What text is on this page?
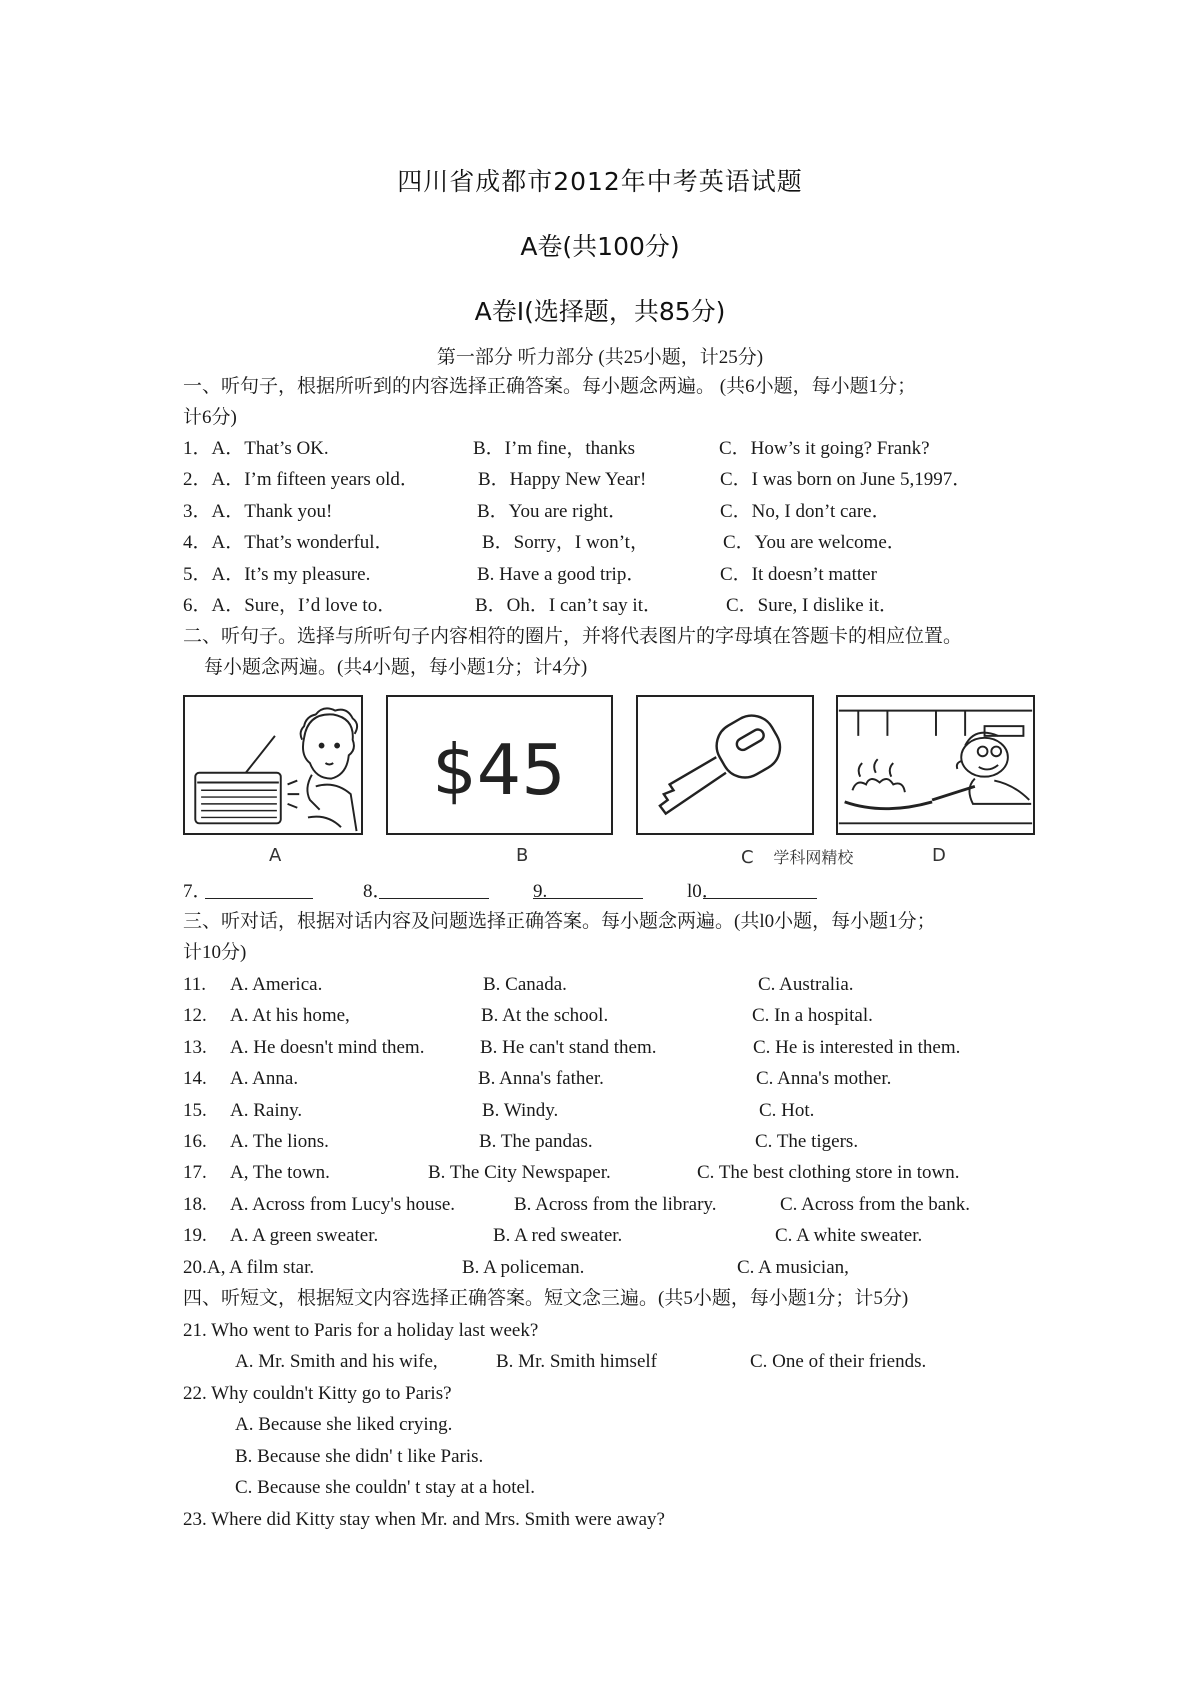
四川省成都市2012年中考英语试题
A卷(共100分)
A卷Ⅰ(选择题，共85分)
第一部分 听力部分 (共25小题，计25分)
一、听句子，根据所听到的内容选择正确答案。每小题念两遍。 (共6小题，每小题1分；
计6分)
1．A．That’s OK.	B．I’m fine，thanks	C．How’s it going? Frank?
2．A．I’m fifteen years old．	B．Happy New Year!	C．I was born on June 5,1997．
3．A．Thank you!	B．You are right．	C．No, I don’t care．
4．A．That’s wonderful．	B．Sorry，I won’t，	C．You are welcome．
5．A．It’s my pleasure.	B. Have a good trip．	C．It doesn’t matter
6．A．Sure，I’d love to．	B．Oh．I can’t say it．	C．Sure, I dislike it．
二、听句子。选择与所听句子内容相符的圈片，并将代表图片的字母填在答题卡的相应位置。
每小题念两遍。(共4小题，每小题1分；计4分)
A
$45
B	C 学科网精校	D
7．	8．	9.	l0．
三、听对话，根据对话内容及问题选择正确答案。每小题念两遍。(共l0小题，每小题1分；
计10分)
11. A. America.	B. Canada.	C. Australia.
12. A. At his home,	B. At the school.	C. In a hospital.
13. A. He doesn't mind them.	B. He can't stand them.	C. He is interested in them.
14. A. Anna.	B. Anna's father.	C. Anna's mother.
15. A. Rainy.	B. Windy.	C. Hot.
16. A. The lions.	B. The pandas.	C. The tigers.
17. A, The town.	B. The City Newspaper.	C. The best clothing store in town.
18. A. Across from Lucy's house.	B. Across from the library.	C. Across from the bank.
19. A. A green sweater.	B. A red sweater.	C. A white sweater.
20. A, A film star.	B. A policeman.	C. A musician,
四、听短文，根据短文内容选择正确答案。短文念三遍。(共5小题，每小题1分；计5分)
21. Who went to Paris for a holiday last week?
A. Mr. Smith and his wife,	B. Mr. Smith himself	C. One of their friends.
22. Why couldn't Kitty go to Paris?
A. Because she liked crying.
B. Because she didn' t like Paris.
C. Because she couldn' t stay at a hotel.
23. Where did Kitty stay when Mr. and Mrs. Smith were away?
